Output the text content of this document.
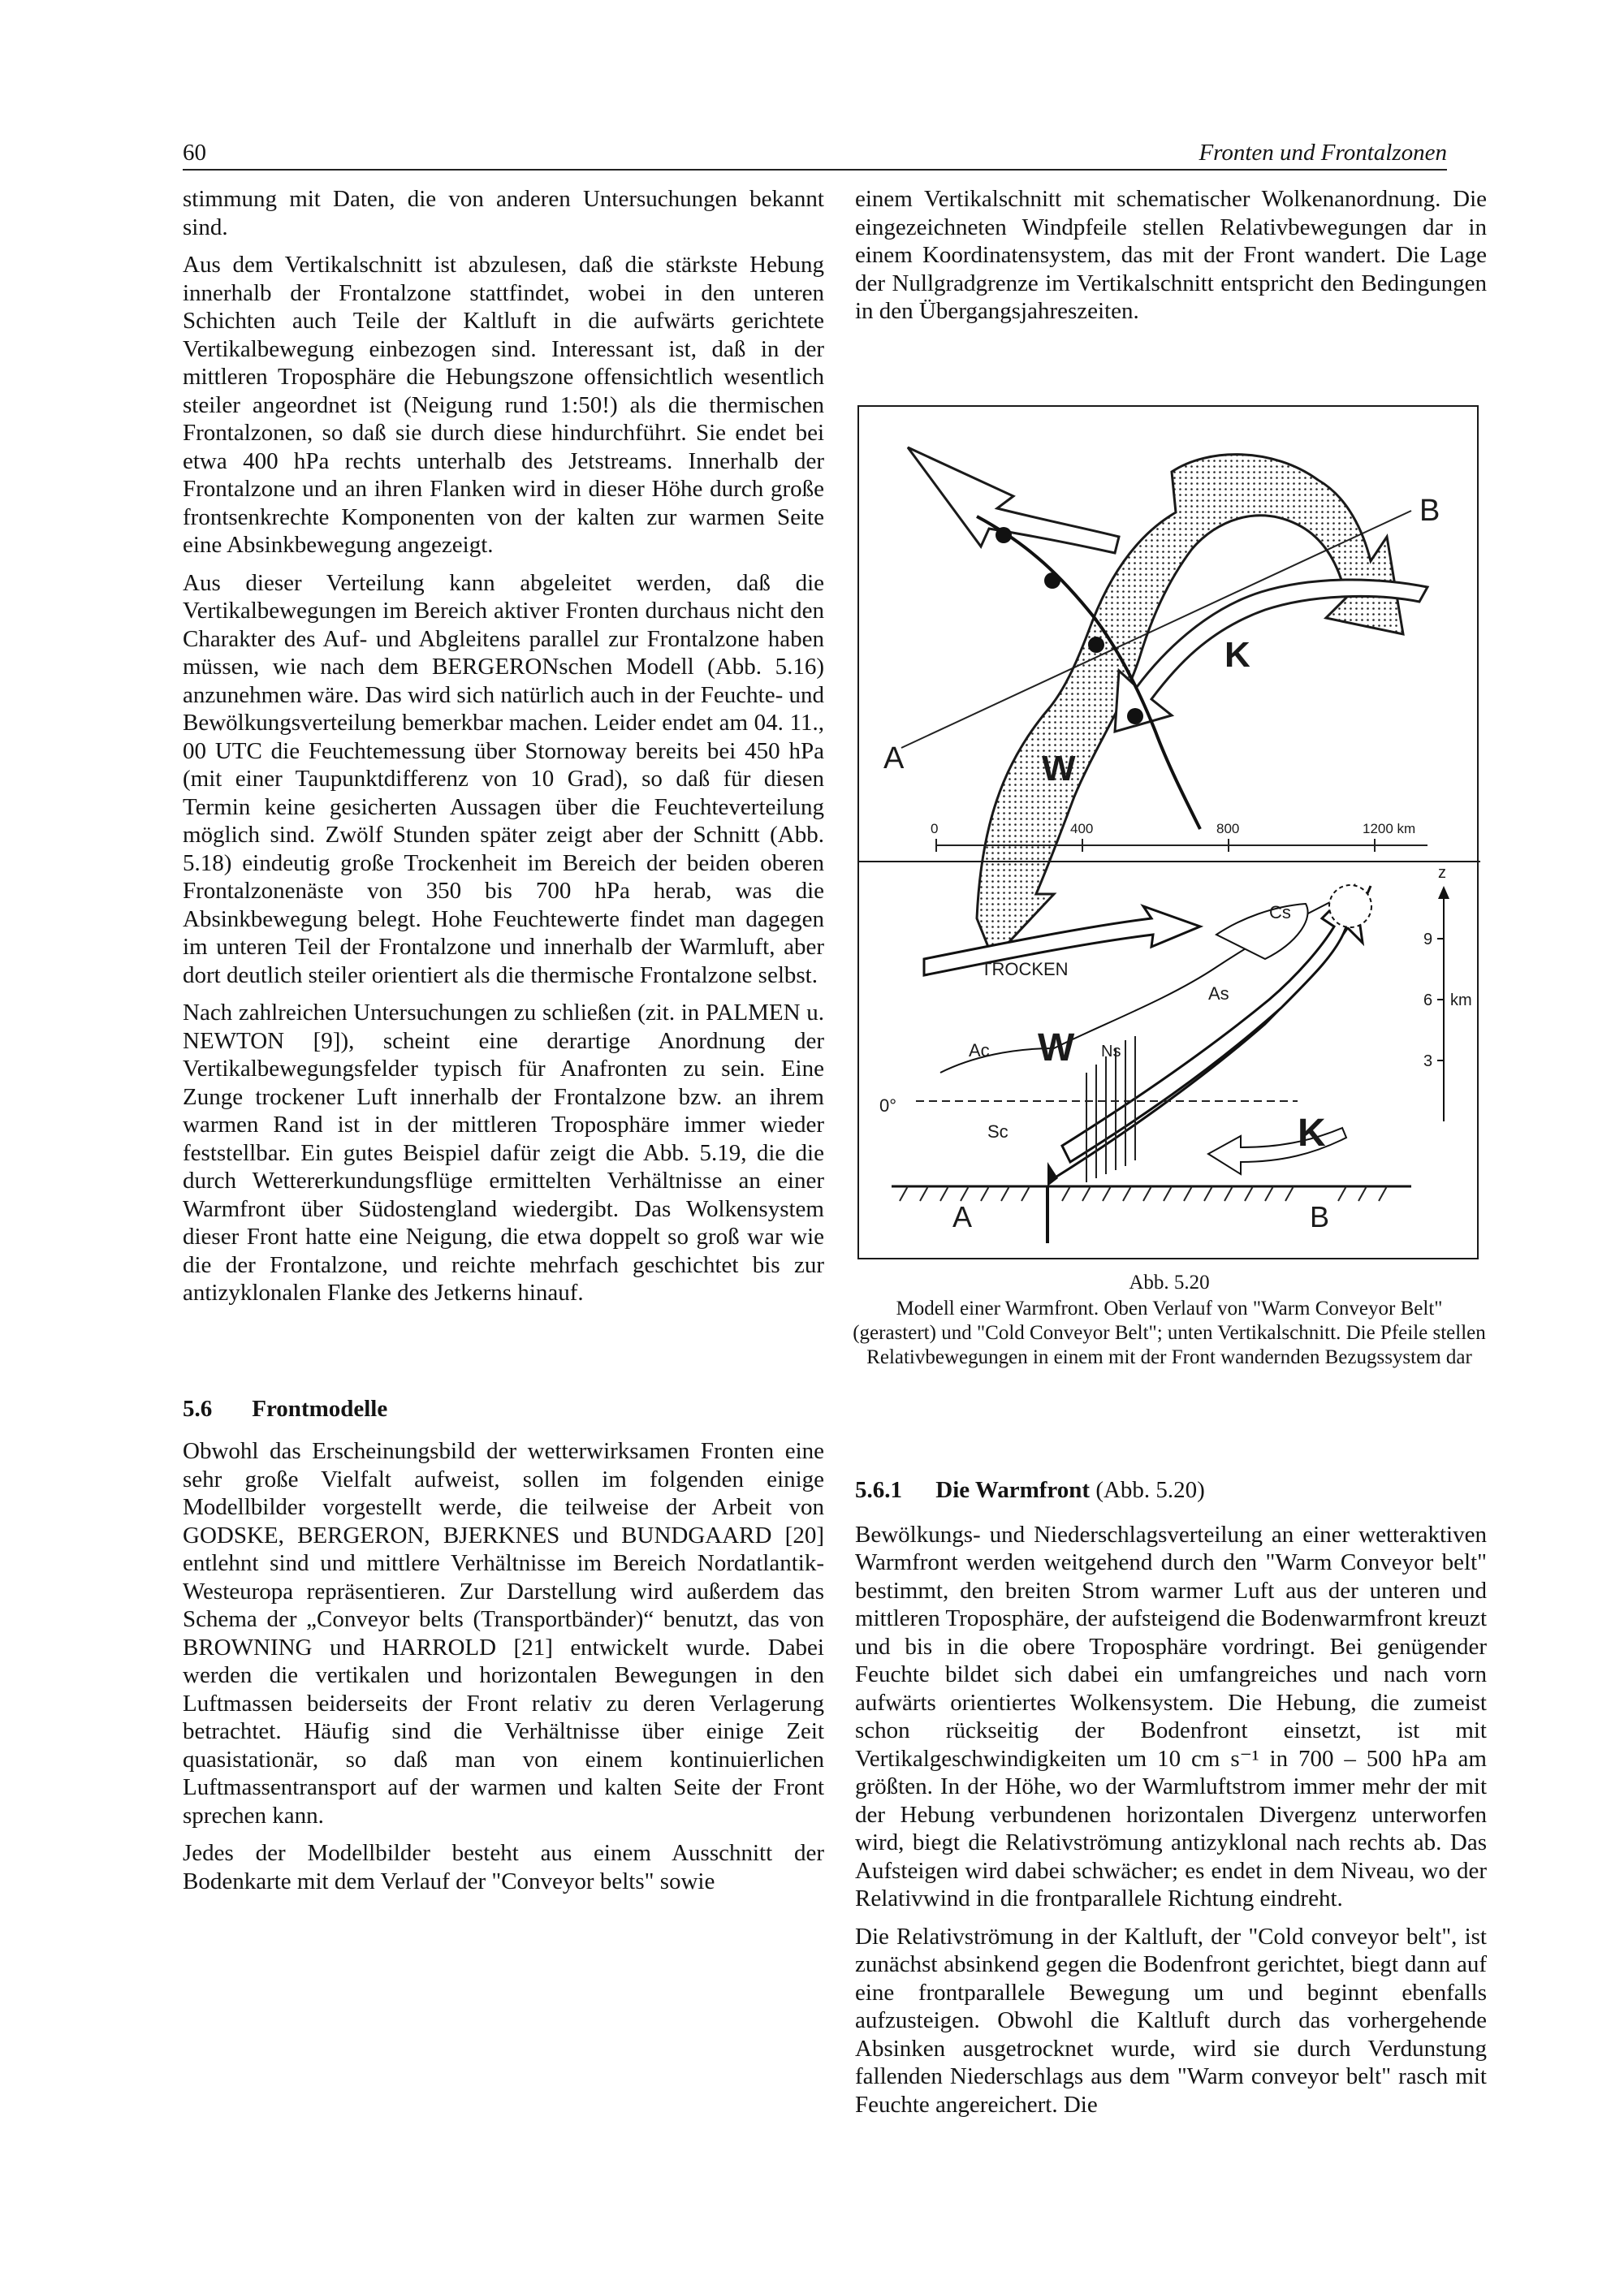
60	Fronten und Frontalzonen

stimmung mit Daten, die von anderen Untersuchungen bekannt sind.

Aus dem Vertikalschnitt ist abzulesen, daß die stärkste Hebung innerhalb der Frontalzone stattfindet, wobei in den unteren Schichten auch Teile der Kaltluft in die aufwärts gerichtete Vertikalbewegung einbezogen sind. Interessant ist, daß in der mittleren Troposphäre die Hebungszone offensichtlich wesentlich steiler angeordnet ist (Neigung rund 1:50!) als die thermischen Frontalzonen, so daß sie durch diese hindurchführt. Sie endet bei etwa 400 hPa rechts unterhalb des Jetstreams. Innerhalb der Frontalzone und an ihren Flanken wird in dieser Höhe durch große frontsenkrechte Komponenten von der kalten zur warmen Seite eine Absinkbewegung angezeigt.

Aus dieser Verteilung kann abgeleitet werden, daß die Vertikalbewegungen im Bereich aktiver Fronten durchaus nicht den Charakter des Auf- und Abgleitens parallel zur Frontalzone haben müssen, wie nach dem BERGERONschen Modell (Abb. 5.16) anzunehmen wäre. Das wird sich natürlich auch in der Feuchte- und Bewölkungsverteilung bemerkbar machen. Leider endet am 04. 11., 00 UTC die Feuchtemessung über Stornoway bereits bei 450 hPa (mit einer Taupunktdifferenz von 10 Grad), so daß für diesen Termin keine gesicherten Aussagen über die Feuchteverteilung möglich sind. Zwölf Stunden später zeigt aber der Schnitt (Abb. 5.18) eindeutig große Trockenheit im Bereich der beiden oberen Frontalzonenäste von 350 bis 700 hPa herab, was die Absinkbewegung belegt. Hohe Feuchtewerte findet man dagegen im unteren Teil der Frontalzone und innerhalb der Warmluft, aber dort deutlich steiler orientiert als die thermische Frontalzone selbst.

Nach zahlreichen Untersuchungen zu schließen (zit. in PALMEN u. NEWTON [9]), scheint eine derartige Anordnung der Vertikalbewegungsfelder typisch für Anafronten zu sein. Eine Zunge trockener Luft innerhalb der Frontalzone bzw. an ihrem warmen Rand ist in der mittleren Troposphäre immer wieder feststellbar. Ein gutes Beispiel dafür zeigt die Abb. 5.19, die die durch Wettererkundungsflüge ermittelten Verhältnisse an einer Warmfront über Südostengland wiedergibt. Das Wolkensystem dieser Front hatte eine Neigung, die etwa doppelt so groß war wie die der Frontalzone, und reichte mehrfach geschichtet bis zur antizyklonalen Flanke des Jetkerns hinauf.

5.6 Frontmodelle

Obwohl das Erscheinungsbild der wetterwirksamen Fronten eine sehr große Vielfalt aufweist, sollen im folgenden einige Modellbilder vorgestellt werde, die teilweise der Arbeit von GODSKE, BERGERON, BJERKNES und BUNDGAARD [20] entlehnt sind und mittlere Verhältnisse im Bereich Nordatlantik-Westeuropa repräsentieren. Zur Darstellung wird außerdem das Schema der „Conveyor belts (Transportbänder)“ benutzt, das von BROWNING und HARROLD [21] entwickelt wurde. Dabei werden die vertikalen und horizontalen Bewegungen in den Luftmassen beiderseits der Front relativ zu deren Verlagerung betrachtet. Häufig sind die Verhältnisse über einige Zeit quasistationär, so daß man von einem kontinuierlichen Luftmassentransport auf der warmen und kalten Seite der Front sprechen kann.

Jedes der Modellbilder besteht aus einem Ausschnitt der Bodenkarte mit dem Verlauf der "Conveyor belts" sowie

einem Vertikalschnitt mit schematischer Wolkenanordnung. Die eingezeichneten Windpfeile stellen Relativbewegungen dar in einem Koordinatensystem, das mit der Front wandert. Die Lage der Nullgradgrenze im Vertikalschnitt entspricht den Bedingungen in den Übergangsjahreszeiten.

A
B
W
K
0	400	800	1200 km
z
9
6 km
3
TROCKEN
Cs
As
Ac	Ns
Sc
W
K
0°
A	B
Abb. 5.20
Modell einer Warmfront. Oben Verlauf von "Warm Conveyor Belt" (gerastert) und "Cold Conveyor Belt"; unten Vertikalschnitt. Die Pfeile stellen Relativbewegungen in einem mit der Front wandernden Bezugssystem dar
5.6.1 Die Warmfront (Abb. 5.20)

Bewölkungs- und Niederschlagsverteilung an einer wetteraktiven Warmfront werden weitgehend durch den "Warm Conveyor belt" bestimmt, den breiten Strom warmer Luft aus der unteren und mittleren Troposphäre, der aufsteigend die Bodenwarmfront kreuzt und bis in die obere Troposphäre vordringt. Bei genügender Feuchte bildet sich dabei ein umfangreiches und nach vorn aufwärts orientiertes Wolkensystem. Die Hebung, die zumeist schon rückseitig der Bodenfront einsetzt, ist mit Vertikalgeschwindigkeiten um 10 cm s⁻¹ in 700 – 500 hPa am größten. In der Höhe, wo der Warmluftstrom immer mehr der mit der Hebung verbundenen horizontalen Divergenz unterworfen wird, biegt die Relativströmung antizyklonal nach rechts ab. Das Aufsteigen wird dabei schwächer; es endet in dem Niveau, wo der Relativwind in die frontparallele Richtung eindreht.

Die Relativströmung in der Kaltluft, der "Cold conveyor belt", ist zunächst absinkend gegen die Bodenfront gerichtet, biegt dann auf eine frontparallele Bewegung um und beginnt ebenfalls aufzusteigen. Obwohl die Kaltluft durch das vorhergehende Absinken ausgetrocknet wurde, wird sie durch Verdunstung fallenden Niederschlags aus dem "Warm conveyor belt" rasch mit Feuchte angereichert. Die
